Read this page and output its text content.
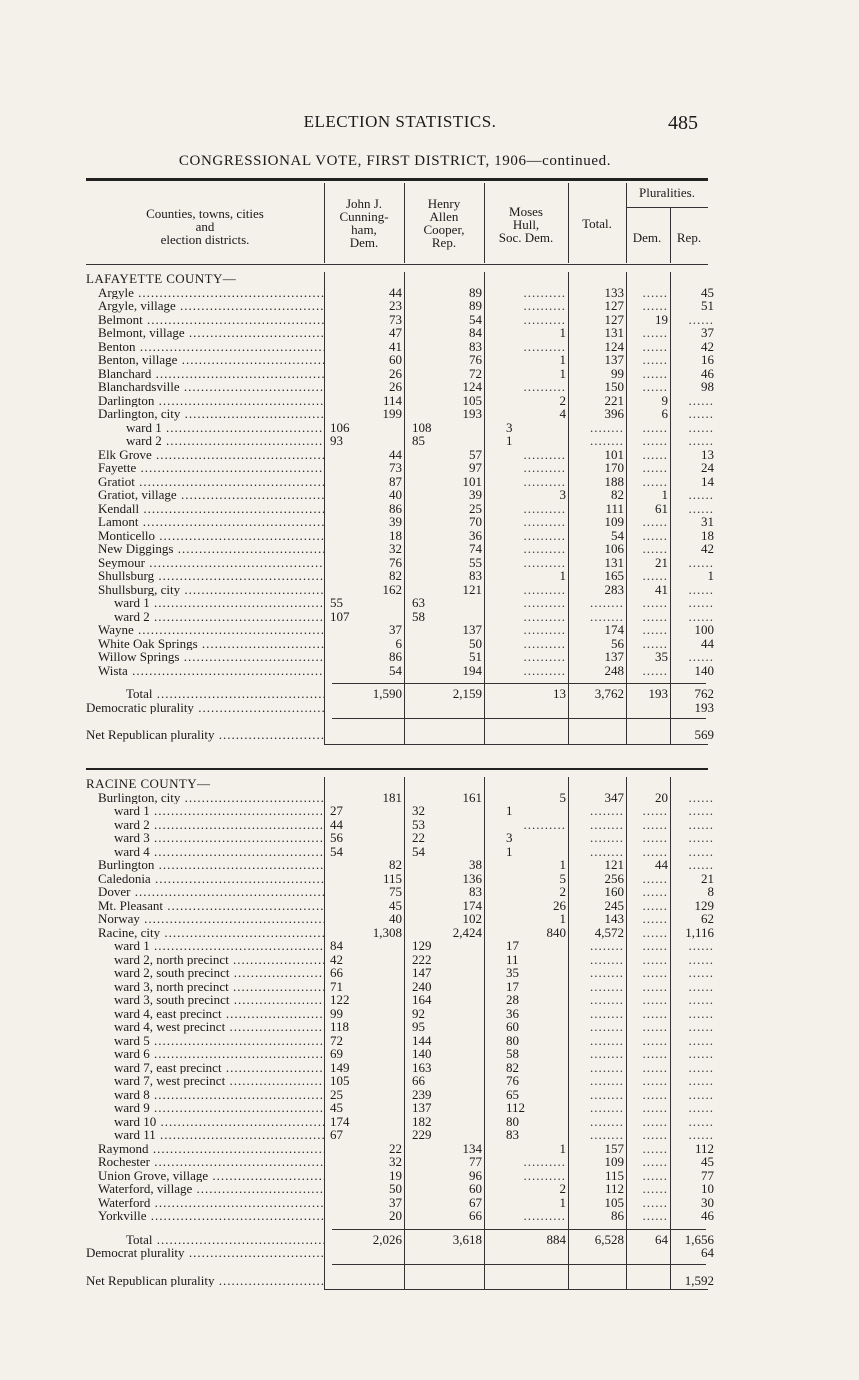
ELECTION STATISTICS.	485
CONGRESSIONAL VOTE, FIRST DISTRICT, 1906—continued.
Counties, towns, cities
and
election districts.
John J.
Cunning-
ham,
Dem.
Henry
Allen
Cooper,
Rep.
Moses
Hull,
Soc. Dem.
Total.
Pluralities.
Dem.	Rep.
LAFAYETTE COUNTY—
Argyle .....	44	89	..........	133	......	45
Argyle, village .....	23	89	..........	127	......	51
Belmont .....	73	54	..........	127	19	......
Belmont, village .....	47	84	1	131	......	37
Benton .....	41	83	..........	124	......	42
Benton, village .....	60	76	1	137	......	16
Blanchard .....	26	72	1	99	......	46
Blanchardsville .....	26	124	..........	150	......	98
Darlington .....	114	105	2	221	9	......
Darlington, city .....	199	193	4	396	6	......
ward 1 .....	106	108	3	........	......	......
ward 2 .....	93	85	1	........	......	......
Elk Grove .....	44	57	..........	101	......	13
Fayette .....	73	97	..........	170	......	24
Gratiot .....	87	101	..........	188	......	14
Gratiot, village .....	40	39	3	82	1	......
Kendall .....	86	25	..........	111	61	......
Lamont .....	39	70	..........	109	......	31
Monticello .....	18	36	..........	54	......	18
New Diggings .....	32	74	..........	106	......	42
Seymour .....	76	55	..........	131	21	......
Shullsburg .....	82	83	1	165	......	1
Shullsburg, city .....	162	121	..........	283	41	......
ward 1 .....	55	63	..........	........	......	......
ward 2 .....	107	58	..........	........	......	......
Wayne .....	37	137	..........	174	......	100
White Oak Springs .....	6	50	..........	56	......	44
Willow Springs .....	86	51	..........	137	35	......
Wista .....	54	194	..........	248	......	140
Total .....	1,590	2,159	13	3,762	193	762
Democratic plurality .....	193
Net Republican plurality .....	569
RACINE COUNTY—
Burlington, city .....	181	161	5	347	20	......
ward 1 .....	27	32	1	........	......	......
ward 2 .....	44	53	..........	........	......	......
ward 3 .....	56	22	3	........	......	......
ward 4 .....	54	54	1	........	......	......
Burlington .....	82	38	1	121	44	......
Caledonia .....	115	136	5	256	......	21
Dover .....	75	83	2	160	......	8
Mt. Pleasant .....	45	174	26	245	......	129
Norway .....	40	102	1	143	......	62
Racine, city .....	1,308	2,424	840	4,572	......	1,116
ward 1 .....	84	129	17	........	......	......
ward 2, north precinct .....	42	222	11	........	......	......
ward 2, south precinct .....	66	147	35	........	......	......
ward 3, north precinct .....	71	240	17	........	......	......
ward 3, south precinct .....	122	164	28	........	......	......
ward 4, east precinct .....	99	92	36	........	......	......
ward 4, west precinct .....	118	95	60	........	......	......
ward 5 .....	72	144	80	........	......	......
ward 6 .....	69	140	58	........	......	......
ward 7, east precinct .....	149	163	82	........	......	......
ward 7, west precinct .....	105	66	76	........	......	......
ward 8 .....	25	239	65	........	......	......
ward 9 .....	45	137	112	........	......	......
ward 10 .....	174	182	80	........	......	......
ward 11 .....	67	229	83	........	......	......
Raymond .....	22	134	1	157	......	112
Rochester .....	32	77	..........	109	......	45
Union Grove, village .....	19	96	..........	115	......	77
Waterford, village .....	50	60	2	112	......	10
Waterford .....	37	67	1	105	......	30
Yorkville .....	20	66	..........	86	......	46
Total .....	2,026	3,618	884	6,528	64	1,656
Democrat plurality .....	64
Net Republican plurality .....	1,592
